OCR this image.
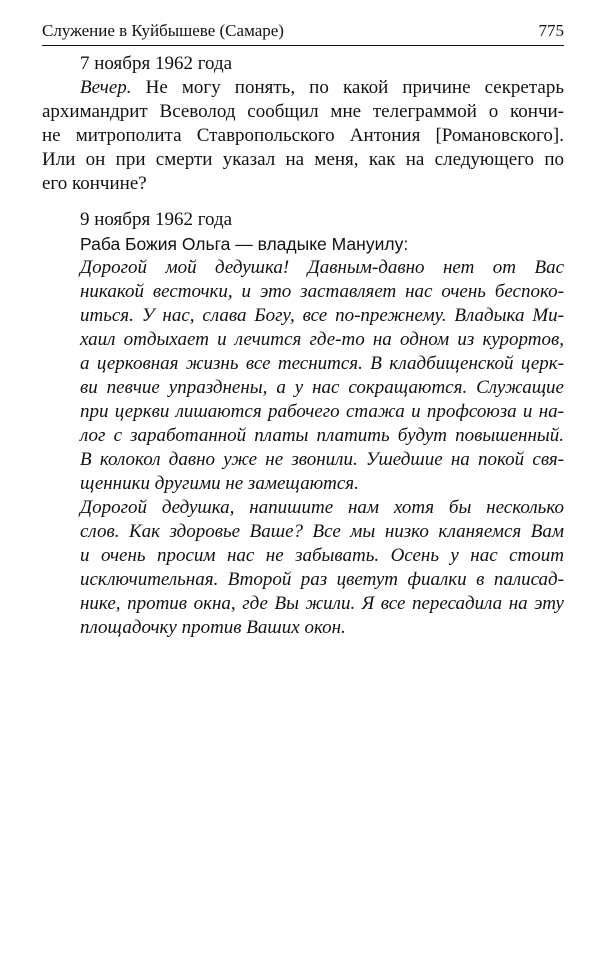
Служение в Куйбышеве (Самаре)	775

7 ноября 1962 года

Вечер. Не могу понять, по какой причине секретарь
архимандрит Всеволод сообщил мне телеграммой о кончи-
не митрополита Ставропольского Антония [Романовского].
Или он при смерти указал на меня, как на следующего по
его кончине?

9 ноября 1962 года

Раба Божия Ольга — владыке Мануилу:

Дорогой мой дедушка! Давным-давно нет от Вас
никакой весточки, и это заставляет нас очень беспоко-
иться. У нас, слава Богу, все по-прежнему. Владыка Ми-
хаил отдыхает и лечится где-то на одном из курортов,
а церковная жизнь все теснится. В кладбищенской церк-
ви певчие упразднены, а у нас сокращаются. Служащие
при церкви лишаются рабочего стажа и профсоюза и на-
лог с заработанной платы платить будут повышенный.
В колокол давно уже не звонили. Ушедшие на покой свя-
щенники другими не замещаются.
Дорогой дедушка, напишите нам хотя бы несколько
слов. Как здоровье Ваше? Все мы низко кланяемся Вам
и очень просим нас не забывать. Осень у нас стоит
исключительная. Второй раз цветут фиалки в палисад-
нике, против окна, где Вы жили. Я все пересадила на эту
площадочку против Ваших окон.
